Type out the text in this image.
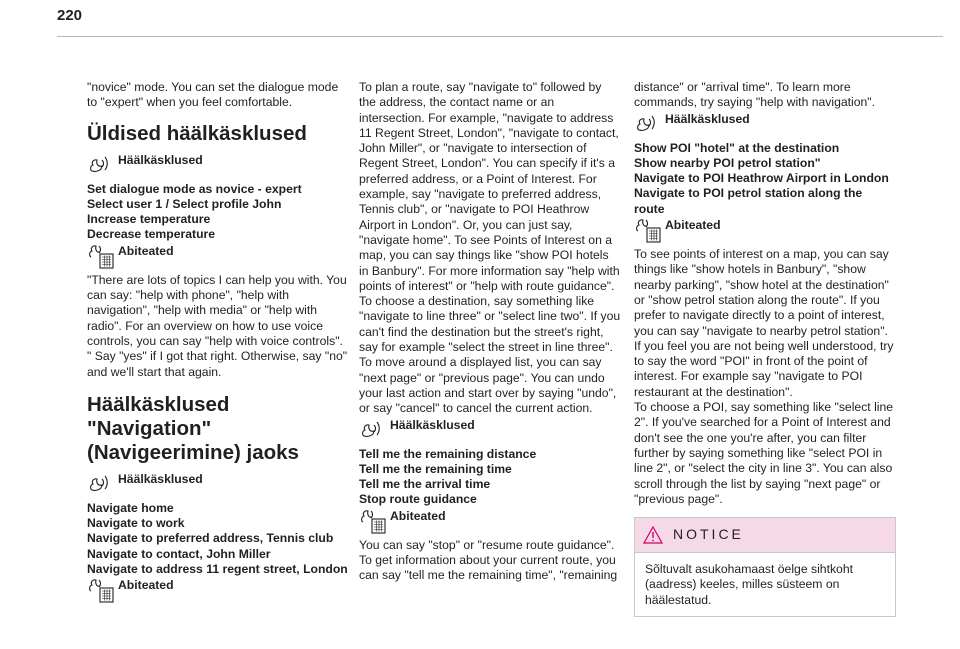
220

"novice" mode. You can set the dialogue mode to "expert" when you feel comfortable.

Üldised häälkäsklused
Häälkäsklused

Set dialogue mode as novice - expert

Select user 1 / Select profile John

Increase temperature

Decrease temperature

Abiteated

"There are lots of topics I can help you with. You can say: "help with phone", "help with navigation", "help with media" or "help with radio". For an overview on how to use voice controls, you can say "help with voice controls". " Say "yes" if I got that right. Otherwise, say "no" and we'll start that again.

Häälkäsklused "Navigation" (Navigeerimine) jaoks
Häälkäsklused

Navigate home

Navigate to work

Navigate to preferred address, Tennis club

Navigate to contact, John Miller

Navigate to address 11 regent street, London

Abiteated

To plan a route, say "navigate to" followed by the address, the contact name or an intersection. For example, "navigate to address 11 Regent Street, London", "navigate to contact, John Miller", or "navigate to intersection of Regent Street, London". You can specify if it's a preferred address, or a Point of Interest. For example, say "navigate to preferred address, Tennis club", or "navigate to POI Heathrow Airport in London". Or, you can just say, "navigate home". To see Points of Interest on a map, you can say things like "show POI hotels in Banbury". For more information say "help with points of interest" or "help with route guidance".

To choose a destination, say something like "navigate to line three" or "select line two". If you can't find the destination but the street's right, say for example "select the street in line three". To move around a displayed list, you can say "next page" or "previous page". You can undo your last action and start over by saying "undo", or say "cancel" to cancel the current action.

Häälkäsklused

Tell me the remaining distance

Tell me the remaining time

Tell me the arrival time

Stop route guidance

Abiteated

You can say "stop" or "resume route guidance". To get information about your current route, you can say "tell me the remaining time", "remaining

distance" or "arrival time". To learn more commands, try saying "help with navigation".

Häälkäsklused

Show POI "hotel" at the destination

Show nearby POI petrol station"

Navigate to POI Heathrow Airport in London

Navigate to POI petrol station along the route

Abiteated

To see points of interest on a map, you can say things like "show hotels in Banbury", "show nearby parking", "show hotel at the destination" or "show petrol station along the route". If you prefer to navigate directly to a point of interest, you can say "navigate to nearby petrol station". If you feel you are not being well understood, try to say the word "POI" in front of the point of interest. For example say "navigate to POI restaurant at the destination".

To choose a POI, say something like "select line 2". If you've searched for a Point of Interest and don't see the one you're after, you can filter further by saying something like "select POI in line 2", or "select the city in line 3". You can also scroll through the list by saying "next page" or "previous page".

NOTICE
Sõltuvalt asukohamaast öelge sihtkoht (aadress) keeles, milles süsteem on häälestatud.
